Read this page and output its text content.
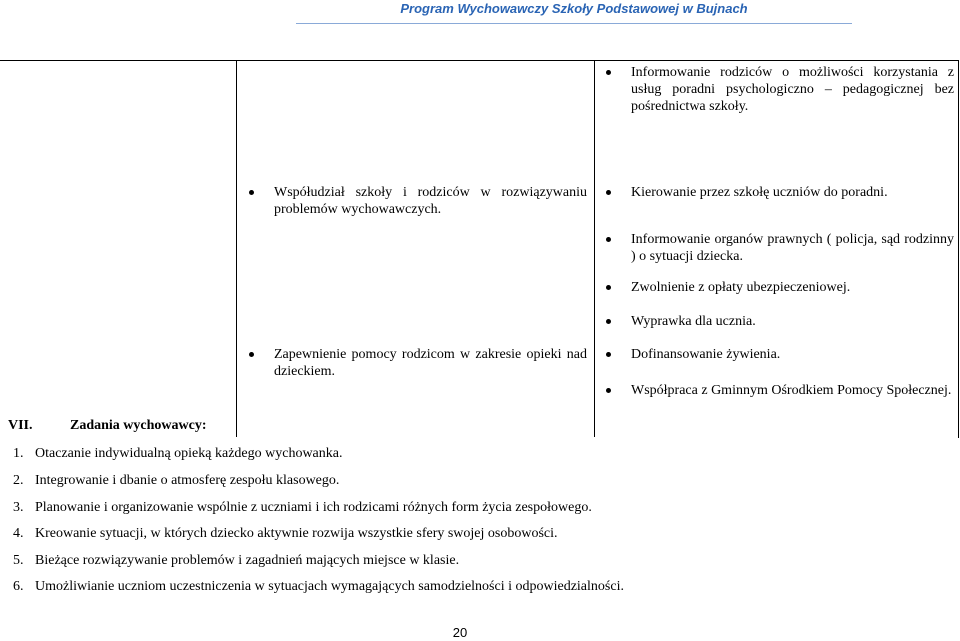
Program Wychowawczy Szkoły Podstawowej w Bujnach
Informowanie rodziców o możliwości korzystania z usług poradni psychologiczno – pedagogicznej bez pośrednictwa szkoły.
Współudział szkoły i rodziców w rozwiązywaniu problemów wychowawczych.
Kierowanie przez szkołę uczniów do poradni.
Informowanie organów prawnych ( policja, sąd rodzinny ) o sytuacji dziecka.
Zwolnienie z opłaty ubezpieczeniowej.
Wyprawka dla ucznia.
Zapewnienie pomocy rodzicom w zakresie opieki nad dzieckiem.
Dofinansowanie żywienia.
Współpraca z Gminnym Ośrodkiem Pomocy Społecznej.
VII.	Zadania wychowawcy:
1. Otaczanie indywidualną opieką każdego wychowanka.
2. Integrowanie i dbanie o atmosferę zespołu klasowego.
3. Planowanie i organizowanie wspólnie z uczniami i ich rodzicami różnych form życia zespołowego.
4. Kreowanie sytuacji, w których dziecko aktywnie rozwija wszystkie sfery swojej osobowości.
5. Bieżące rozwiązywanie problemów i zagadnień mających miejsce w klasie.
6. Umożliwianie uczniom uczestniczenia w sytuacjach wymagających samodzielności i odpowiedzialności.
20
